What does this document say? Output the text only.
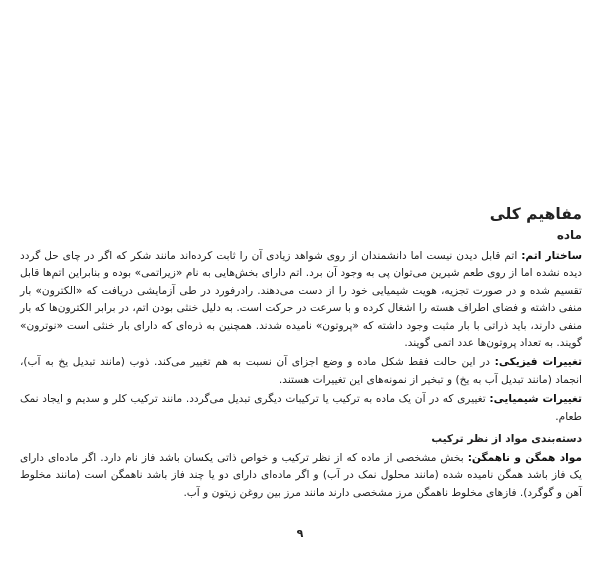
مفاهیم کلی
ماده

ساختار اتم: اتم قابل دیدن نیست اما دانشمندان از روی شواهد زیادی آن را ثابت کرده‌اند مانند شکر که اگر در چای حل گردد دیده نشده اما از روی طعم شیرین می‌توان پی به وجود آن برد. اتم دارای بخش‌هایی به نام «زیراتمی» بوده و بنابراین اتم‌ها قابل تقسیم شده و در صورت تجزیه، هویت شیمیایی خود را از دست می‌دهند. رادرفورد در طی آزمایشی دریافت که «الکترون» بار منفی داشته و فضای اطراف هسته را اشغال کرده و با سرعت در حرکت است. به دلیل خنثی بودن اتم، در برابر الکترون‌ها که بار منفی دارند، باید ذراتی با بار مثبت وجود داشته که «پروتون» نامیده شدند. همچنین به ذره‌ای که دارای بار خنثی است «نوترون» گویند. به تعداد پروتون‌ها عدد اتمی گویند.

تغییرات فیزیکی: در این حالت فقط شکل ماده و وضع اجزای آن نسبت به هم تغییر می‌کند. ذوب (مانند تبدیل یخ به آب)، انجماد (مانند تبدیل آب به یخ) و تبخیر از نمونه‌های این تغییرات هستند.

تغییرات شیمیایی: تغییری که در آن یک ماده به ترکیب یا ترکیبات دیگری تبدیل می‌گردد. مانند ترکیب کلر و سدیم و ایجاد نمک طعام.

دسته‌بندی مواد از نظر ترکیب

مواد همگن و ناهمگن: بخش مشخصی از ماده که از نظر ترکیب و خواص ذاتی یکسان باشد فاز نام دارد. اگر ماده‌ای دارای یک فاز باشد همگن نامیده شده (مانند محلول نمک در آب) و اگر ماده‌ای دارای دو یا چند فاز باشد ناهمگن است (مانند مخلوط آهن و گوگرد). فازهای مخلوط ناهمگن مرز مشخصی دارند مانند مرز بین روغن زیتون و آب.

۹
